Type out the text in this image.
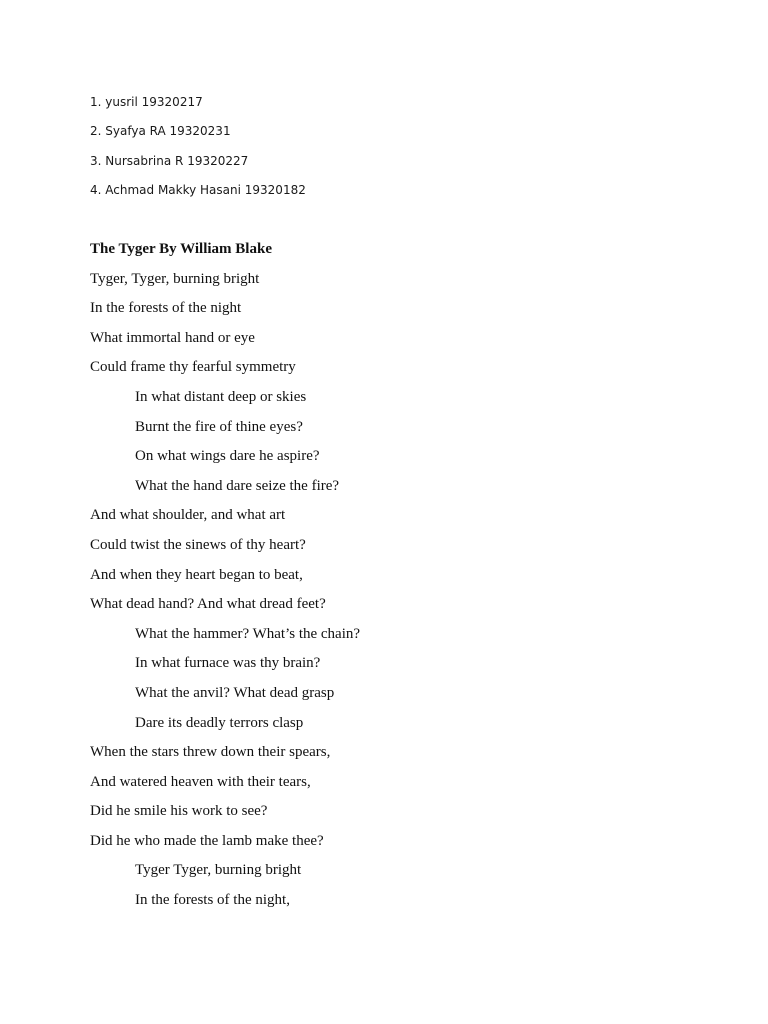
1. yusril 19320217
2. Syafya RA 19320231
3. Nursabrina R 19320227
4. Achmad Makky Hasani 19320182
The Tyger By William Blake
Tyger, Tyger, burning bright
In the forests of the night
What immortal hand or eye
Could frame thy fearful symmetry
In what distant deep or skies
Burnt the fire of thine eyes?
On what wings dare he aspire?
What the hand dare seize the fire?
And what shoulder, and what art
Could twist the sinews of thy heart?
And when they heart began to beat,
What dead hand? And what dread feet?
What the hammer? What’s the chain?
In what furnace was thy brain?
What the anvil? What dead grasp
Dare its deadly terrors clasp
When the stars threw down their spears,
And watered heaven with their tears,
Did he smile his work to see?
Did he who made the lamb make thee?
Tyger Tyger, burning bright
In the forests of the night,
